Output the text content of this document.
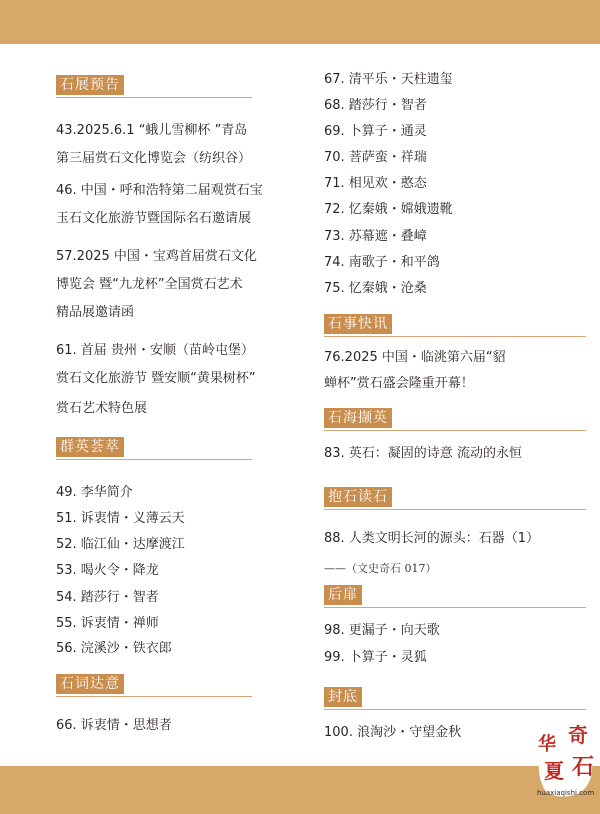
石展预告
43.2025.6.1 “蛾儿雪柳杯 ”青岛
第三届赏石文化博览会（纺织谷）
46. 中国・呼和浩特第二届观赏石宝
玉石文化旅游节暨国际名石邀请展
57.2025 中国・宝鸡首届赏石文化
博览会 暨“九龙杯”全国赏石艺术
精品展邀请函
61. 首届 贵州・安顺（苗岭屯堡）
赏石文化旅游节 暨安顺“黄果树杯”
赏石艺术特色展
群英荟萃
49. 李华简介
51. 诉衷情・义薄云天
52. 临江仙・达摩渡江
53. 喝火令・降龙
54. 踏莎行・智者
55. 诉衷情・禅师
56. 浣溪沙・铁衣郎
石词达意
66. 诉衷情・思想者
67. 清平乐・天柱遗玺
68. 踏莎行・智者
69. 卜算子・通灵
70. 菩萨蛮・祥瑞
71. 相见欢・憨态
72. 忆秦娥・嫦娥遗靴
73. 苏幕遮・叠嶂
74. 南歌子・和平鸽
75. 忆秦娥・沧桑
石事快讯
76.2025 中国・临洮第六届“貂
蝉杯”赏石盛会隆重开幕！
石海撷英
83. 英石：凝固的诗意 流动的永恒
抱石读石
88. 人类文明长河的源头：石器（1）
——（文史奇石 017）
后扉
98. 更漏子・向天歌
99. 卜算子・灵狐
封底
100. 浪淘沙・守望金秋
华 奇
夏 石
huaxiaqishi.com
